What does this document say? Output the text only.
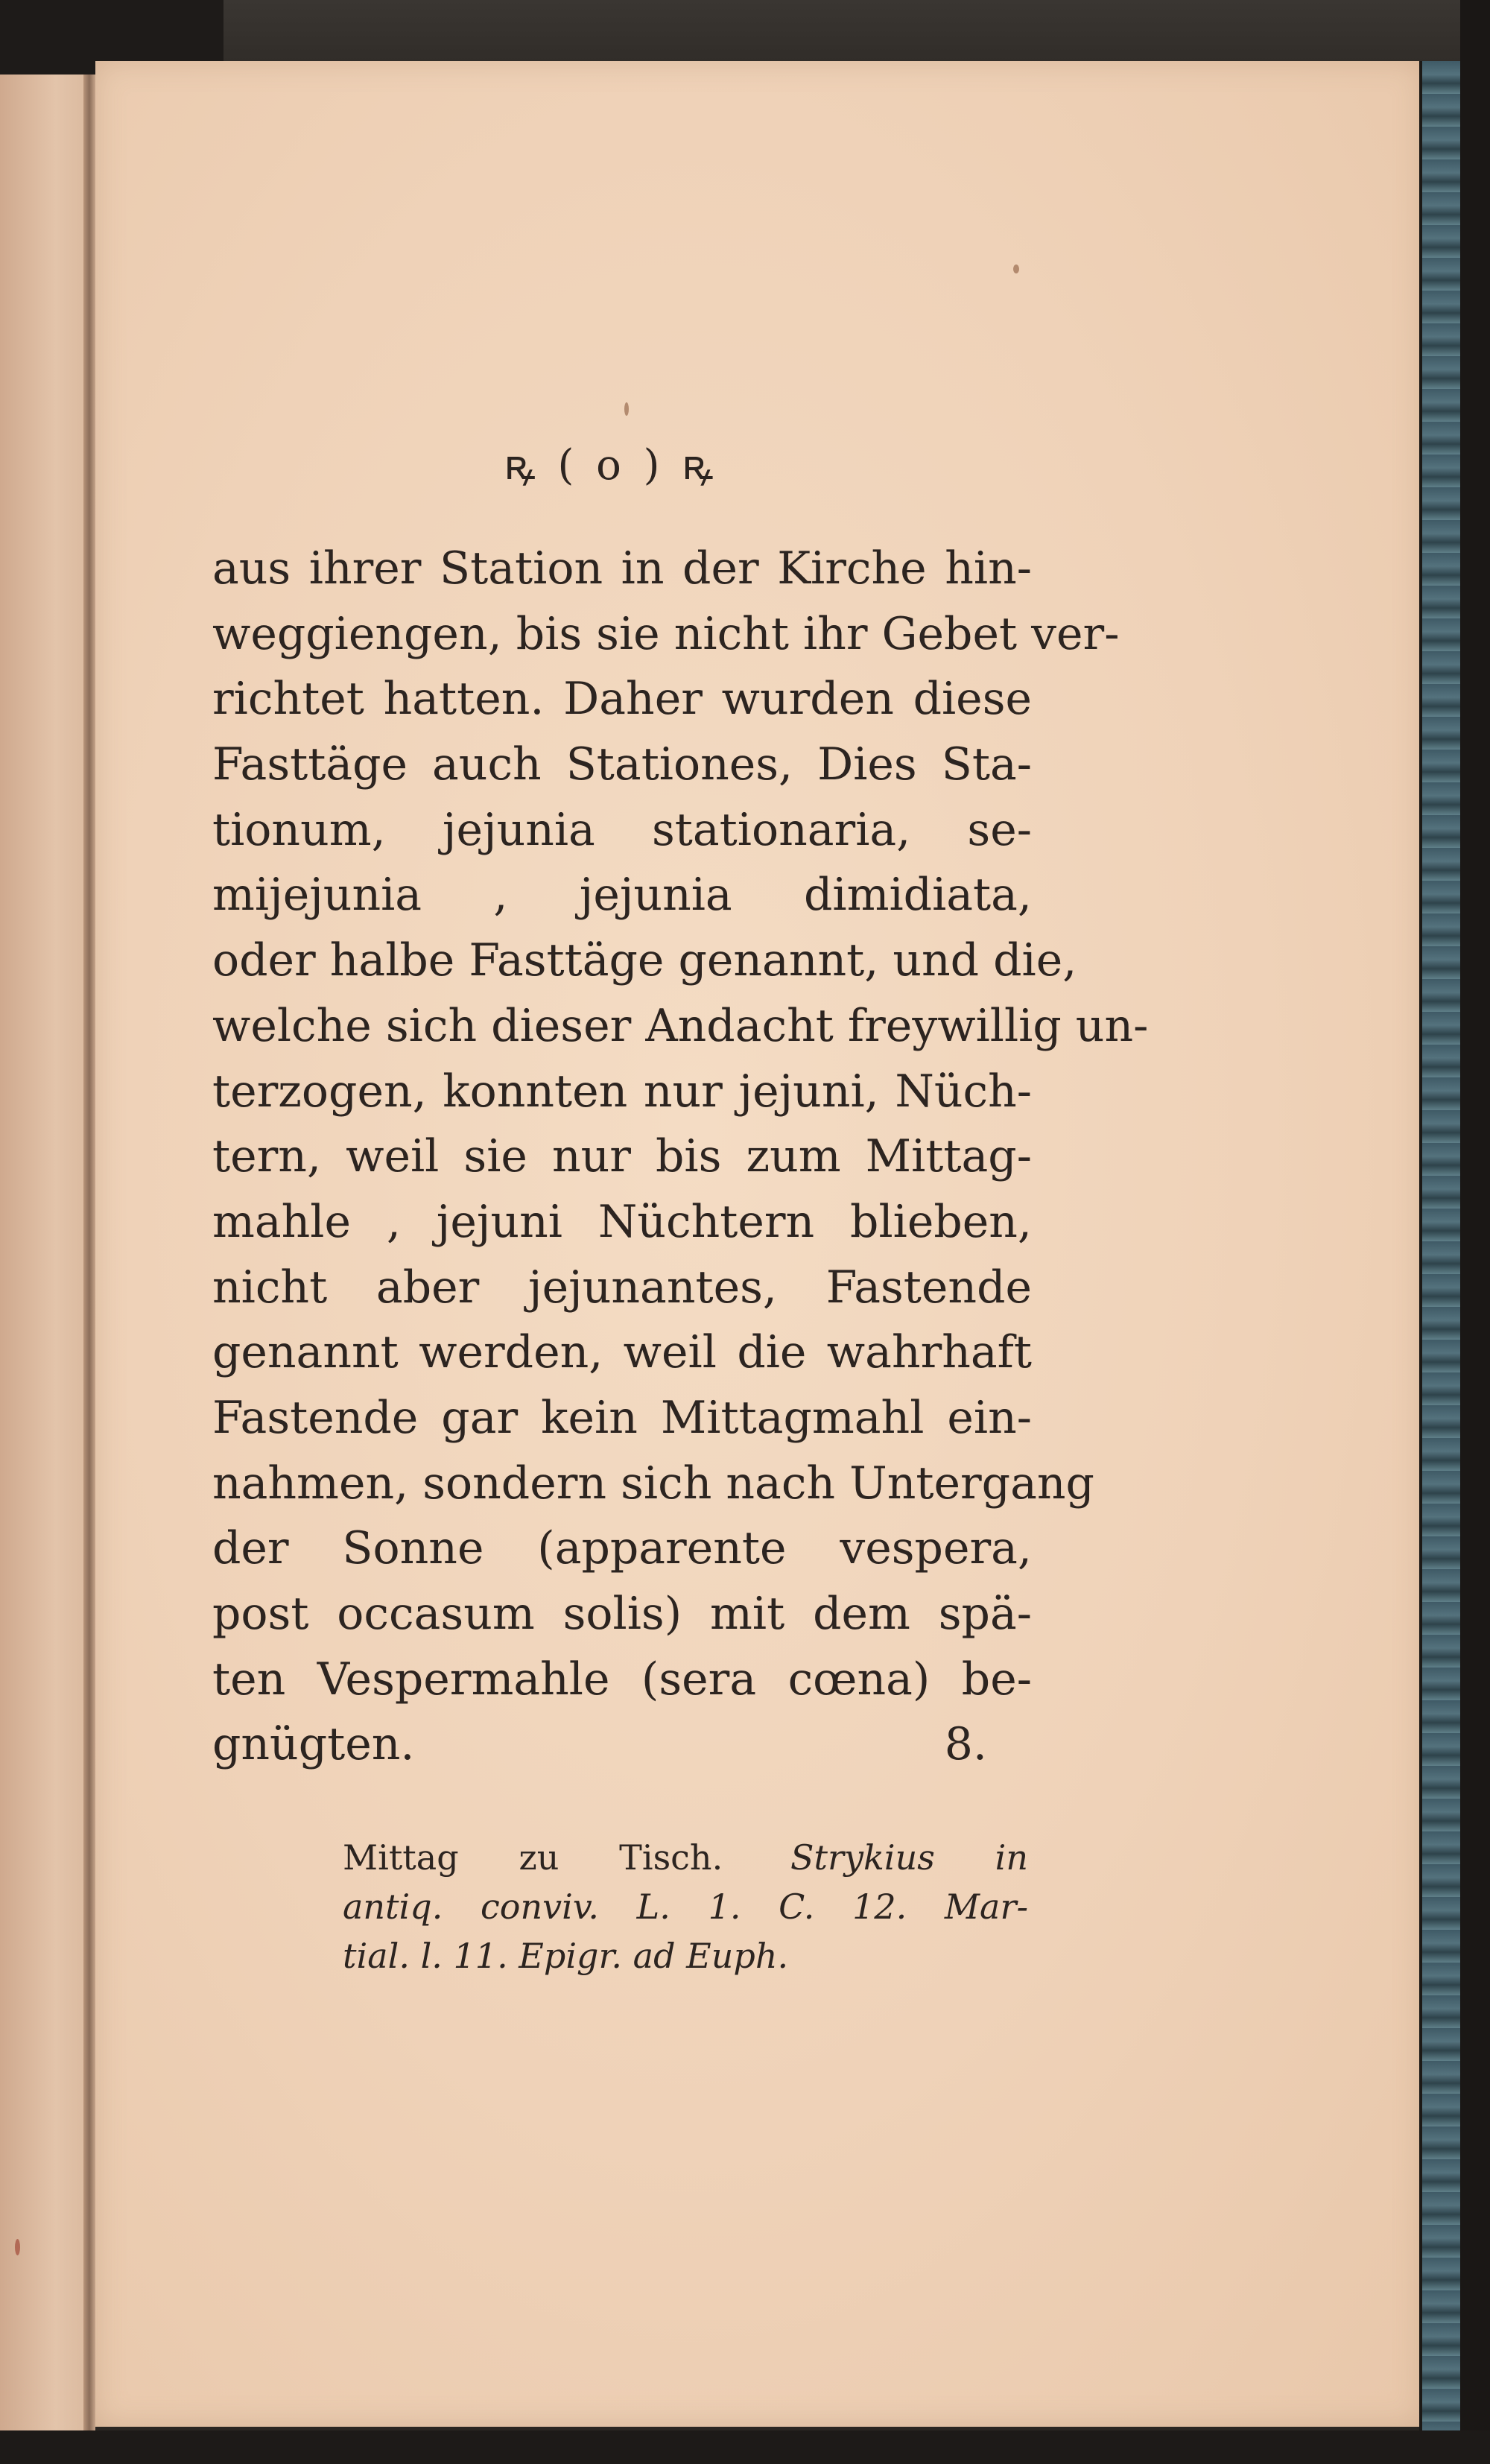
ꝶ ( o ) ꝶ
aus ihrer Station in der Kirche hin-
weggiengen, bis sie nicht ihr Gebet ver-
richtet hatten. Daher wurden diese
Fasttäge auch Stationes, Dies Sta-
tionum, jejunia stationaria, se-
mijejunia , jejunia dimidiata,
oder halbe Fasttäge genannt, und die,
welche sich dieser Andacht freywillig un-
terzogen, konnten nur jejuni, Nüch-
tern, weil sie nur bis zum Mittag-
mahle , jejuni Nüchtern blieben,
nicht aber jejunantes, Fastende
genannt werden, weil die wahrhaft
Fastende gar kein Mittagmahl ein-
nahmen, sondern sich nach Untergang
der Sonne (apparente vespera,
post occasum solis) mit dem spä-
ten Vespermahle (sera cœna) be-
gnügten.	8.
Mittag zu Tisch. Strykius in
antiq. conviv. L. 1. C. 12. Mar-
tial. l. 11. Epigr. ad Euph.
